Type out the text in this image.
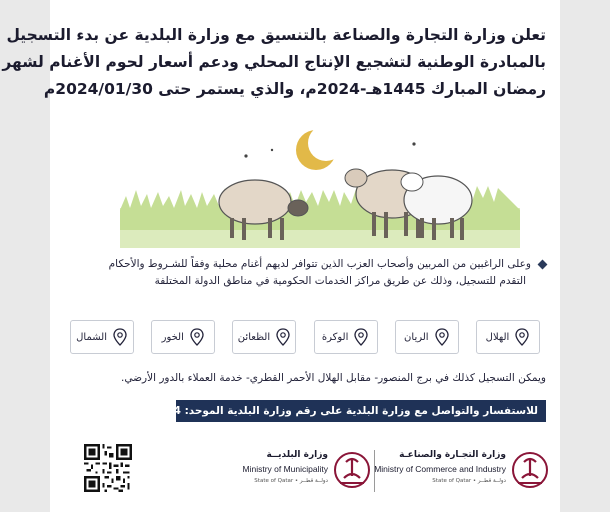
تعلن وزارة التجارة والصناعة بالتنسيق مع وزارة البلدية عن بدء التسجيل
بالمبادرة الوطنية لتشجيع الإنتاج المحلي ودعم أسعار لحوم الأغنام لشهر
رمضان المبارك 1445هـ-2024م، والذي يستمر حتى 2024/01/30م
وعلى الراغبين من المربين وأصحاب العزب الذين تتوافر لديهم أغنام محلية وفقاً للشـروط والأحكام
التقدم للتسجيل، وذلك عن طريق مراكز الخدمات الحكومية في مناطق الدولة المختلفة
الهلال
الريان
الوكرة
الظعائن
الخور
الشمال
ويمكن التسجيل كذلك في برج المنصور- مقابل الهلال الأحمر القطري- خدمة العملاء بالدور الأرضي.
للاستفسار والتواصل مع وزارة البلدية على رقم وزارة البلدية الموحد: 184
وزارة البلديــة
Ministry of Municipality
State of Qatar • دولــة قطــر
وزارة التجـارة والصناعـة
Ministry of Commerce and Industry
State of Qatar • دولــة قطــر
